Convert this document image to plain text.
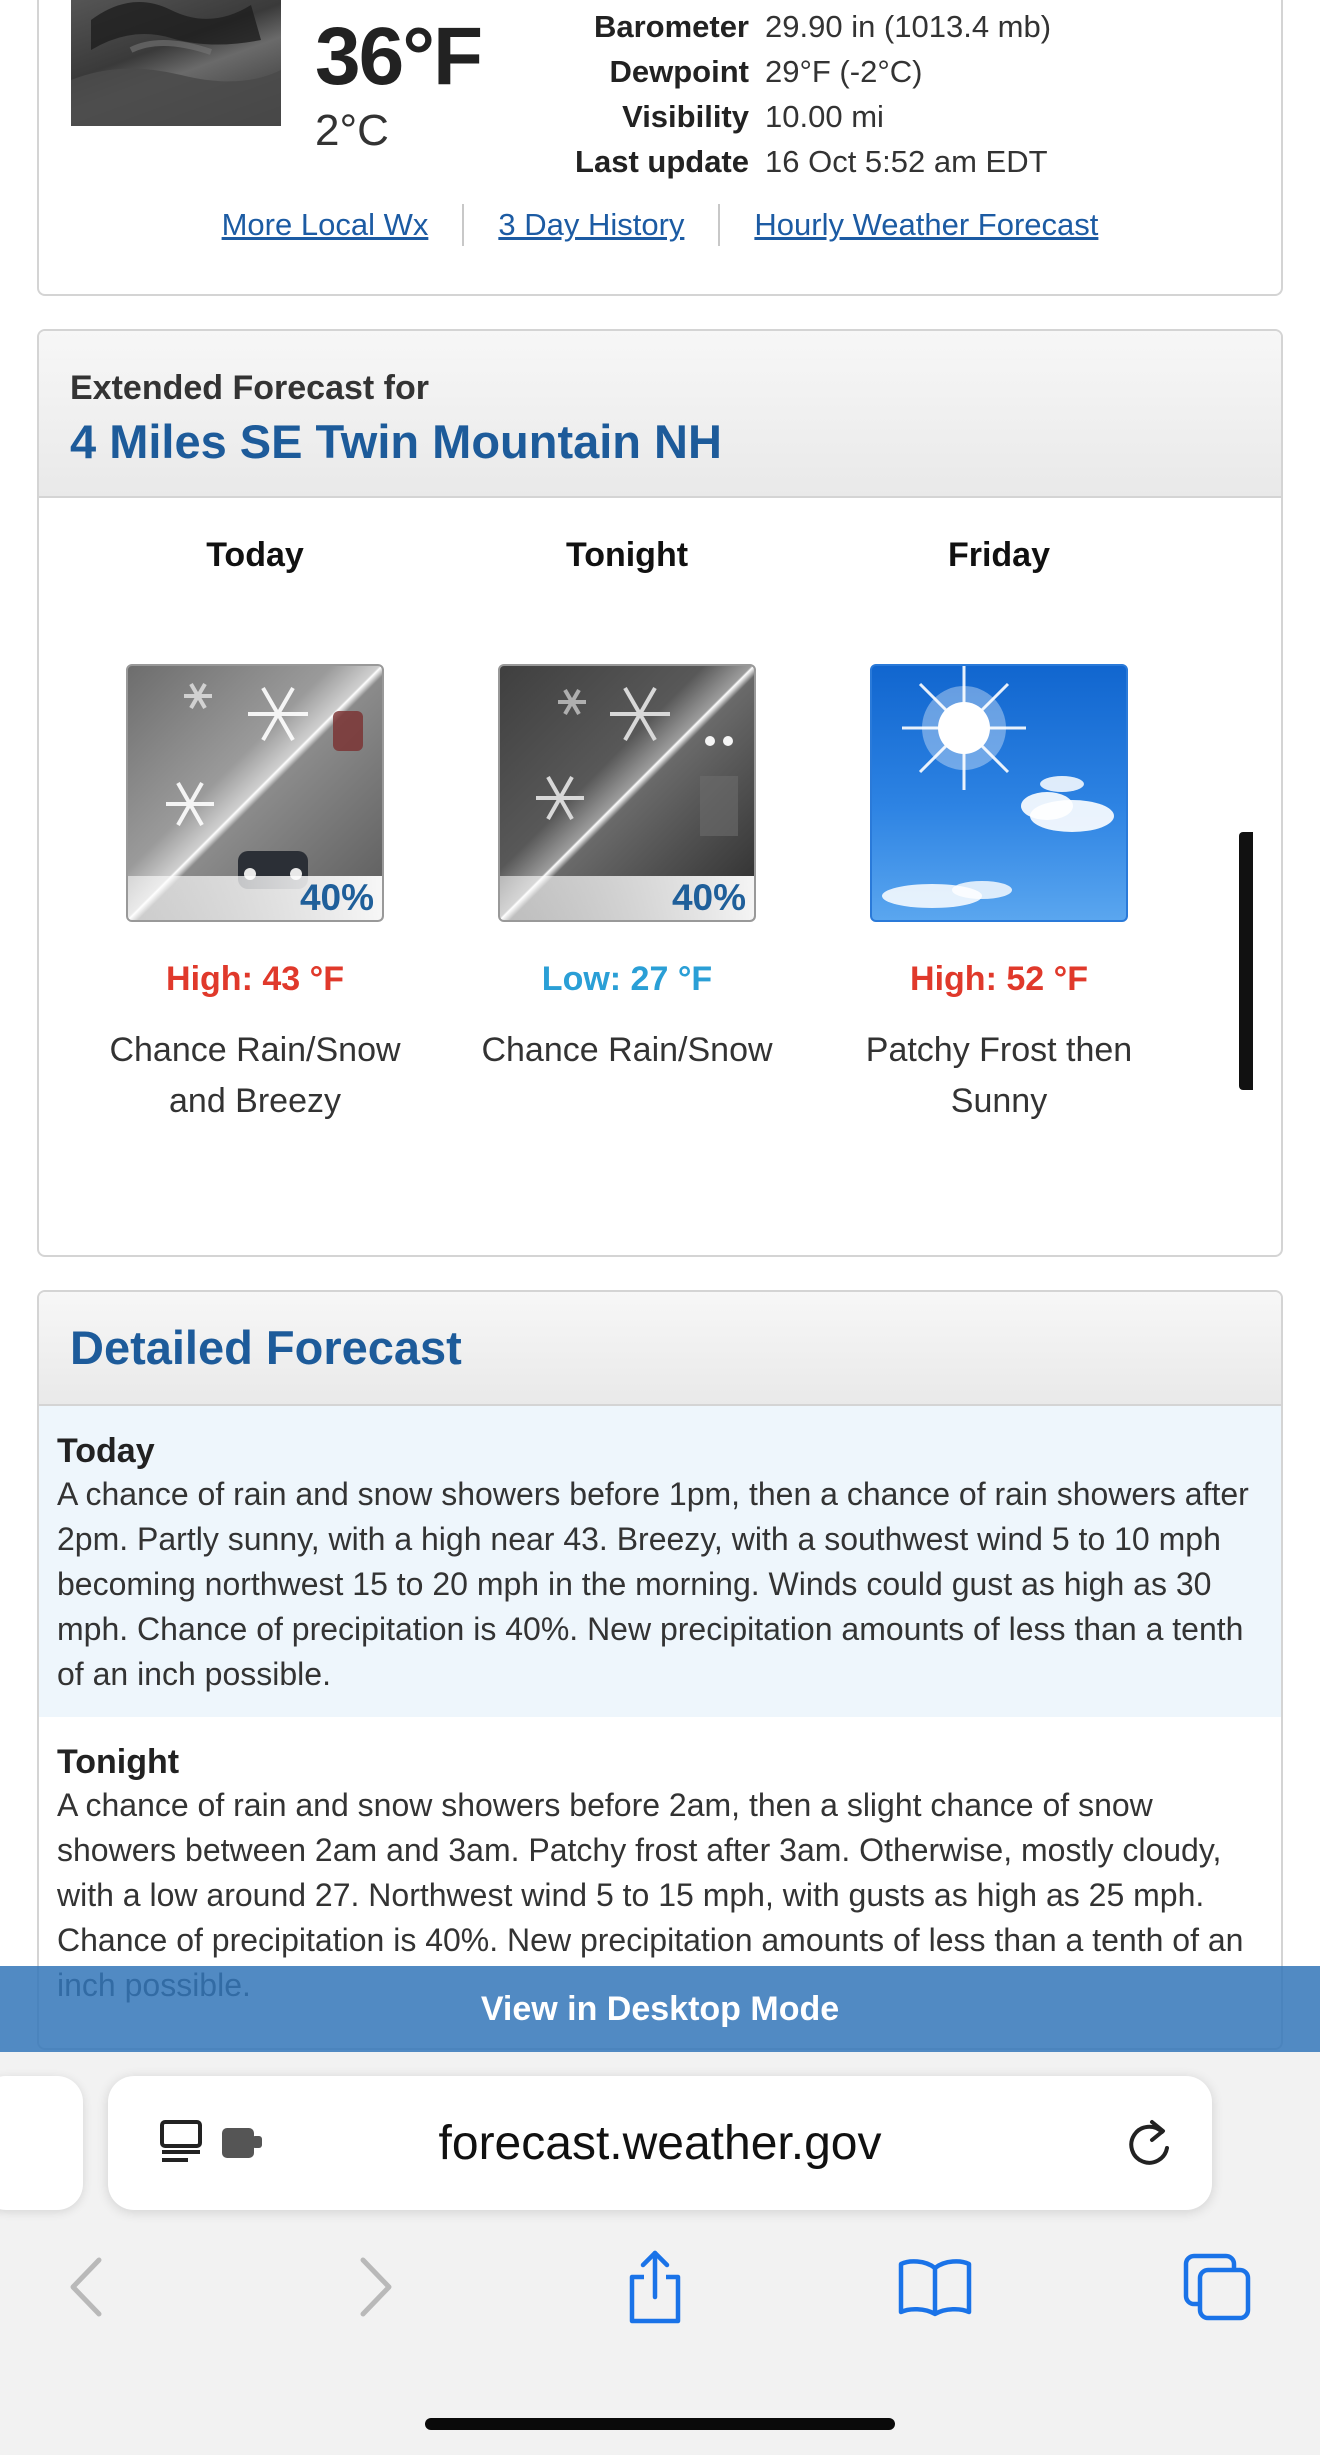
36°F
2°C
Barometer 29.90 in (1013.4 mb)
Dewpoint 29°F (-2°C)
Visibility 10.00 mi
Last update 16 Oct 5:52 am EDT
More Local Wx 3 Day History Hourly Weather Forecast
Extended Forecast for
4 Miles SE Twin Mountain NH
Today
40%
High: 43 °F
Chance Rain/Snow and Breezy
Tonight
40%
Low: 27 °F
Chance Rain/Snow
Friday
High: 52 °F
Patchy Frost then Sunny
Detailed Forecast
Today
A chance of rain and snow showers before 1pm, then a chance of rain showers after 2pm. Partly sunny, with a high near 43. Breezy, with a southwest wind 5 to 10 mph becoming northwest 15 to 20 mph in the morning. Winds could gust as high as 30 mph. Chance of precipitation is 40%. New precipitation amounts of less than a tenth of an inch possible.
Tonight
A chance of rain and snow showers before 2am, then a slight chance of snow showers between 2am and 3am. Patchy frost after 3am. Otherwise, mostly cloudy, with a low around 27. Northwest wind 5 to 15 mph, with gusts as high as 25 mph. Chance of precipitation is 40%. New precipitation amounts of less than a tenth of an
View in Desktop Mode
forecast.weather.gov
